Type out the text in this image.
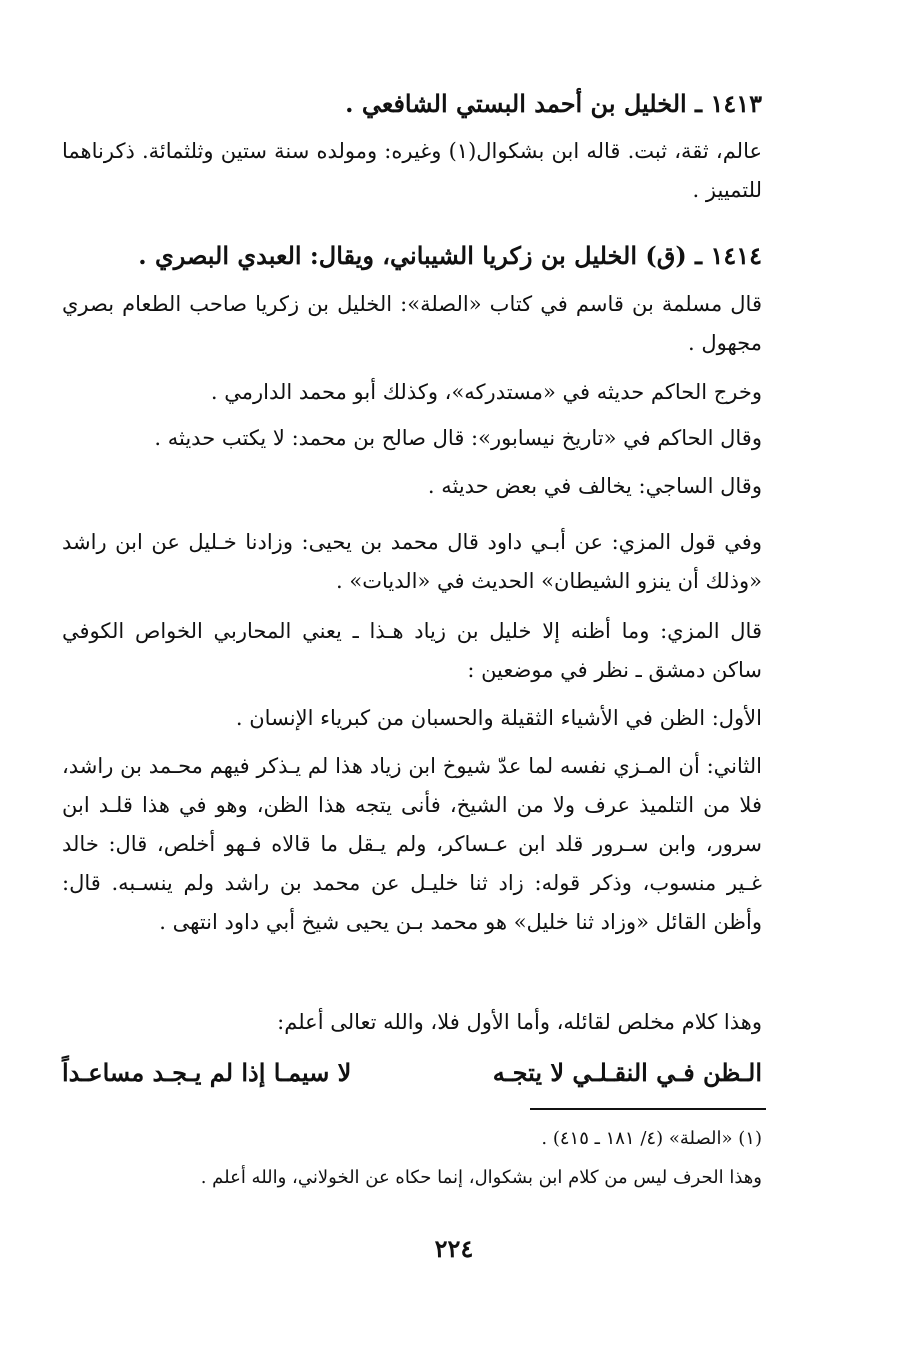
١٤١٣ ـ الخليل بن أحمد البستي الشافعي .
عالم، ثقة، ثبت. قاله ابن بشكوال(١) وغيره: ومولده سنة ستين وثلثمائة. ذكرناهما للتمييز .
١٤١٤ ـ (ق) الخليل بن زكريا الشيباني، ويقال: العبدي البصري .
قال مسلمة بن قاسم في كتاب «الصلة»: الخليل بن زكريا صاحب الطعام بصري مجهول .
وخرج الحاكم حديثه في «مستدركه»، وكذلك أبو محمد الدارمي .
وقال الحاكم في «تاريخ نيسابور»: قال صالح بن محمد: لا يكتب حديثه .
وقال الساجي: يخالف في بعض حديثه .
وفي قول المزي: عن أبـي داود قال محمد بن يحيى: وزادنا خـليل عن ابن راشد «وذلك أن ينزو الشيطان» الحديث في «الديات» .
قال المزي: وما أظنه إلا خليل بن زياد هـذا ـ يعني المحاربي الخواص الكوفي ساكن دمشق ـ نظر في موضعين :
الأول: الظن في الأشياء الثقيلة والحسبان من كبرياء الإنسان .
الثاني: أن المـزي نفسه لما عدّ شيوخ ابن زياد هذا لم يـذكر فيهم محـمد بن راشد، فلا من التلميذ عرف ولا من الشيخ، فأنى يتجه هذا الظن، وهو في هذا قلـد ابن سرور، وابن سـرور قلد ابن عـساكر، ولم يـقل ما قالاه فـهو أخلص، قال: خالد غـير منسوب، وذكر قوله: زاد ثنا خليـل عن محمد بن راشد ولم ينسـبه. قال: وأظن القائل «وزاد ثنا خليل» هو محمد بـن يحيى شيخ أبي داود انتهى .
وهذا كلام مخلص لقائله، وأما الأول فلا، والله تعالى أعلم:
الـظن فـي النقـلـي لا يتجـه
لا سيمـا إذا لم يـجـد مساعـداً
(١) «الصلة» (٤/ ١٨١ ـ ٤١٥) .
وهذا الحرف ليس من كلام ابن بشكوال، إنما حكاه عن الخولاني، والله أعلم .
٢٢٤
